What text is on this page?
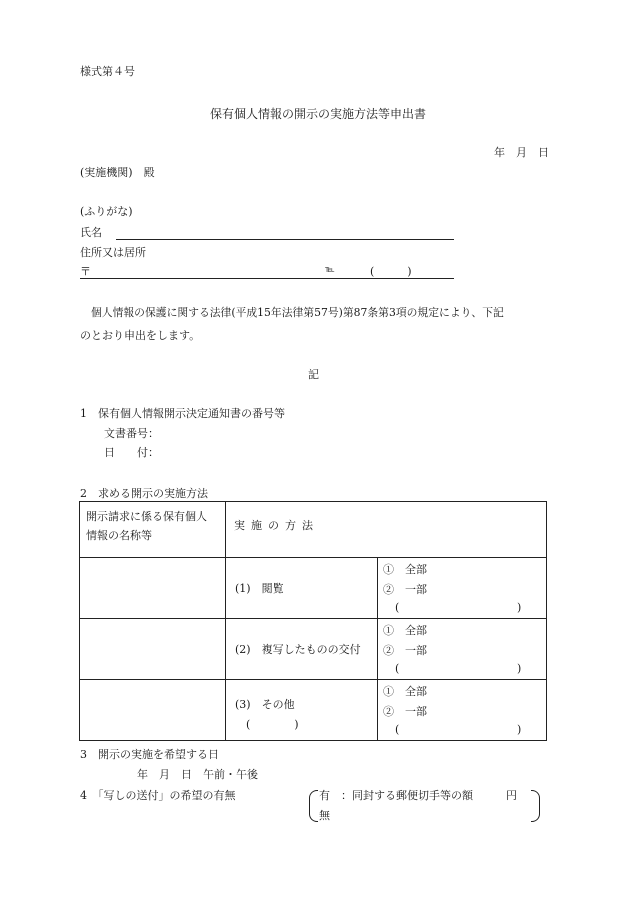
様式第４号
保有個人情報の開示の実施方法等申出書
年　月　日
(実施機関)　殿
(ふりがな)
氏名
住所又は居所
〒	℡	(　　　)
個人情報の保護に関する法律(平成15年法律第57号)第87条第3項の規定により、下記
のとおり申出をします。
記
1　保有個人情報開示決定通知書の番号等
文書番号：
日　　付：
2　求める開示の実施方法
開示請求に係る保有個人
情報の名称等	実施の方法	

	(1)　閲覧	①　全部
②　一部
( )

	(2)　複写したものの交付	①　全部
②　一部
( )

	(3)　その他
(　　　　)	①　全部
②　一部
( )
3　開示の実施を希望する日
年　月　日　午前・午後
4　「写しの送付」の希望の有無	有　：同封する郵便切手等の額　　　円
無
